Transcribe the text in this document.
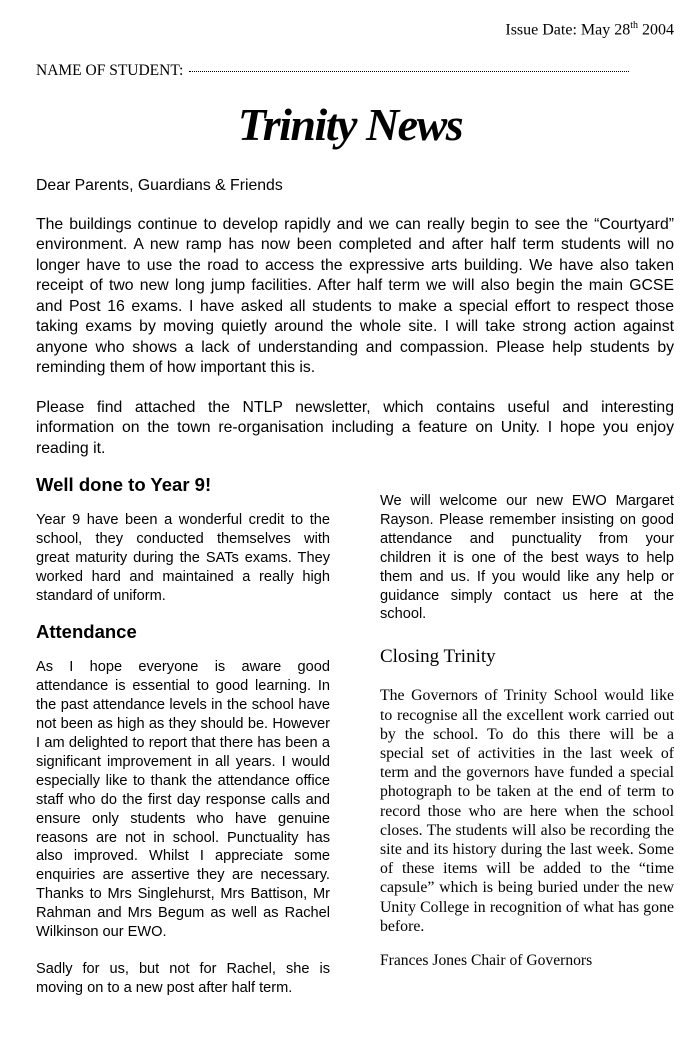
Issue Date: May 28th 2004
NAME OF STUDENT:
Trinity News

Dear Parents, Guardians & Friends

The buildings continue to develop rapidly and we can really begin to see the “Courtyard” environment. A new ramp has now been completed and after half term students will no longer have to use the road to access the expressive arts building. We have also taken receipt of two new long jump facilities. After half term we will also begin the main GCSE and Post 16 exams. I have asked all students to make a special effort to respect those taking exams by moving quietly around the whole site. I will take strong action against anyone who shows a lack of understanding and compassion. Please help students by reminding them of how important this is.

Please find attached the NTLP newsletter, which contains useful and interesting information on the town re-organisation including a feature on Unity. I hope you enjoy reading it.

Well done to Year 9!

Year 9 have been a wonderful credit to the school, they conducted themselves with great maturity during the SATs exams. They worked hard and maintained a really high standard of uniform.

Attendance

As I hope everyone is aware good attendance is essential to good learning. In the past attendance levels in the school have not been as high as they should be. However I am delighted to report that there has been a significant improvement in all years. I would especially like to thank the attendance office staff who do the first day response calls and ensure only students who have genuine reasons are not in school. Punctuality has also improved. Whilst I appreciate some enquiries are assertive they are necessary. Thanks to Mrs Singlehurst, Mrs Battison, Mr Rahman and Mrs Begum as well as Rachel Wilkinson our EWO.

Sadly for us, but not for Rachel, she is moving on to a new post after half term.

We will welcome our new EWO Margaret Rayson. Please remember insisting on good attendance and punctuality from your children it is one of the best ways to help them and us. If you would like any help or guidance simply contact us here at the school.

Closing Trinity

The Governors of Trinity School would like to recognise all the excellent work carried out by the school. To do this there will be a special set of activities in the last week of term and the governors have funded a special photograph to be taken at the end of term to record those who are here when the school closes. The students will also be recording the site and its history during the last week. Some of these items will be added to the “time capsule” which is being buried under the new Unity College in recognition of what has gone before.

Frances Jones Chair of Governors
